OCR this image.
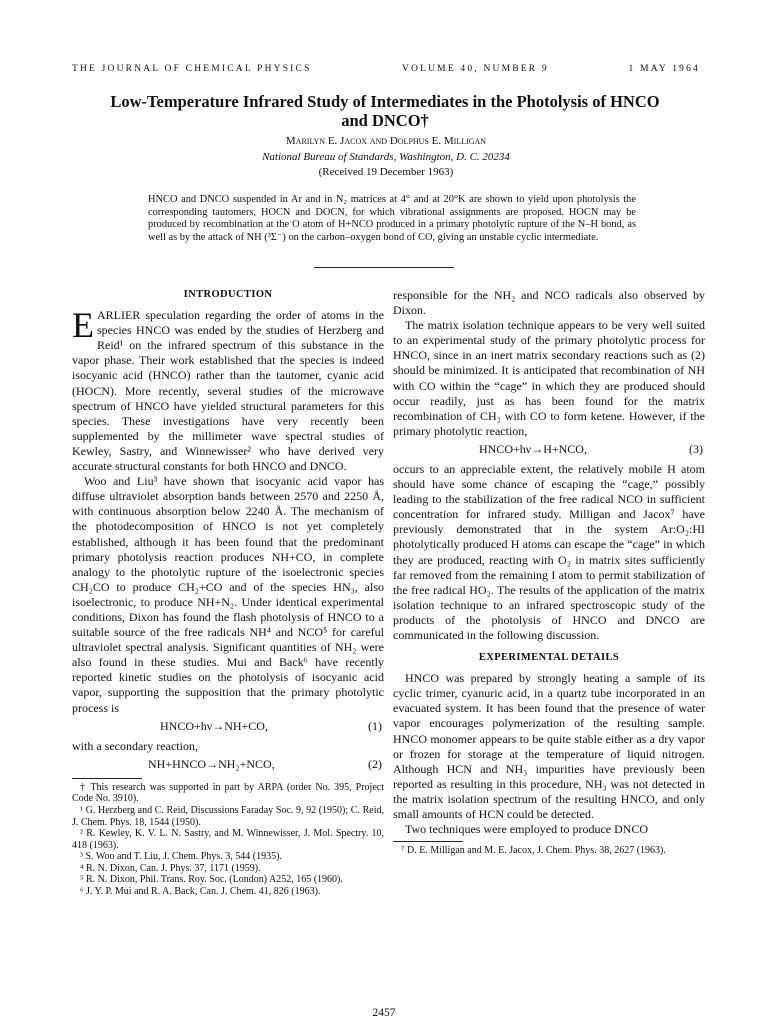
THE JOURNAL OF CHEMICAL PHYSICS	VOLUME 40, NUMBER 9	1 MAY 1964
Low-Temperature Infrared Study of Intermediates in the Photolysis of HNCO and DNCO†
Marilyn E. Jacox and Dolphus E. Milligan
National Bureau of Standards, Washington, D. C. 20234
(Received 19 December 1963)
HNCO and DNCO suspended in Ar and in N₂ matrices at 4° and at 20°K are shown to yield upon photolysis the corresponding tautomers, HOCN and DOCN, for which vibrational assignments are proposed. HOCN may be produced by recombination at the O atom of H+NCO produced in a primary photolytic rupture of the N–H bond, as well as by the attack of NH (³Σ⁻) on the carbon–oxygen bond of CO, giving an unstable cyclic intermediate.
INTRODUCTION

EARLIER speculation regarding the order of atoms in the species HNCO was ended by the studies of Herzberg and Reid¹ on the infrared spectrum of this substance in the vapor phase. Their work established that the species is indeed isocyanic acid (HNCO) rather than the tautomer, cyanic acid (HOCN). More recently, several studies of the microwave spectrum of HNCO have yielded structural parameters for this species. These investigations have very recently been supplemented by the millimeter wave spectral studies of Kewley, Sastry, and Winnewisser² who have derived very accurate structural constants for both HNCO and DNCO.

Woo and Liu³ have shown that isocyanic acid vapor has diffuse ultraviolet absorption bands between 2570 and 2250 Å, with continuous absorption below 2240 Å. The mechanism of the photodecomposition of HNCO is not yet completely established, although it has been found that the predominant primary photolysis reaction produces NH+CO, in complete analogy to the photolytic rupture of the isoelectronic species CH₂CO to produce CH₂+CO and of the species HN₃, also isoelectronic, to produce NH+N₂. Under identical experimental conditions, Dixon has found the flash photolysis of HNCO to a suitable source of the free radicals NH⁴ and NCO⁵ for careful ultraviolet spectral analysis. Significant quantities of NH₂ were also found in these studies. Mui and Back⁶ have recently reported kinetic studies on the photolysis of isocyanic acid vapor, supporting the supposition that the primary photolytic process is

HNCO+hν→NH+CO,	(1)

with a secondary reaction,

NH+HNCO→NH₂+NCO,	(2)

† This research was supported in part by ARPA (order No. 395, Project Code No. 3910).

¹ G. Herzberg and C. Reid, Discussions Faraday Soc. 9, 92 (1950); C. Reid, J. Chem. Phys. 18, 1544 (1950).

² R. Kewley, K. V. L. N. Sastry, and M. Winnewisser, J. Mol. Spectry. 10, 418 (1963).

³ S. Woo and T. Liu, J. Chem. Phys. 3, 544 (1935).

⁴ R. N. Dixon, Can. J. Phys. 37, 1171 (1959).

⁵ R. N. Dixon, Phil. Trans. Roy. Soc. (London) A252, 165 (1960).

⁶ J. Y. P. Mui and R. A. Back, Can. J. Chem. 41, 826 (1963).

responsible for the NH₂ and NCO radicals also observed by Dixon.

The matrix isolation technique appears to be very well suited to an experimental study of the primary photolytic process for HNCO, since in an inert matrix secondary reactions such as (2) should be minimized. It is anticipated that recombination of NH with CO within the “cage” in which they are produced should occur readily, just as has been found for the matrix recombination of CH₂ with CO to form ketene. However, if the primary photolytic reaction,

HNCO+hν→H+NCO,	(3)

occurs to an appreciable extent, the relatively mobile H atom should have some chance of escaping the “cage,” possibly leading to the stabilization of the free radical NCO in sufficient concentration for infrared study. Milligan and Jacox⁷ have previously demonstrated that in the system Ar:O₂:HI photolytically produced H atoms can escape the “cage” in which they are produced, reacting with O₂ in matrix sites sufficiently far removed from the remaining I atom to permit stabilization of the free radical HO₂. The results of the application of the matrix isolation technique to an infrared spectroscopic study of the products of the photolysis of HNCO and DNCO are communicated in the following discussion.

EXPERIMENTAL DETAILS

HNCO was prepared by strongly heating a sample of its cyclic trimer, cyanuric acid, in a quartz tube incorporated in an evacuated system. It has been found that the presence of water vapor encourages polymerization of the resulting sample. HNCO monomer appears to be quite stable either as a dry vapor or frozen for storage at the temperature of liquid nitrogen. Although HCN and NH₃ impurities have previously been reported as resulting in this procedure, NH₃ was not detected in the matrix isolation spectrum of the resulting HNCO, and only small amounts of HCN could be detected.

Two techniques were employed to produce DNCO

⁷ D. E. Milligan and M. E. Jacox, J. Chem. Phys. 38, 2627 (1963).

2457
